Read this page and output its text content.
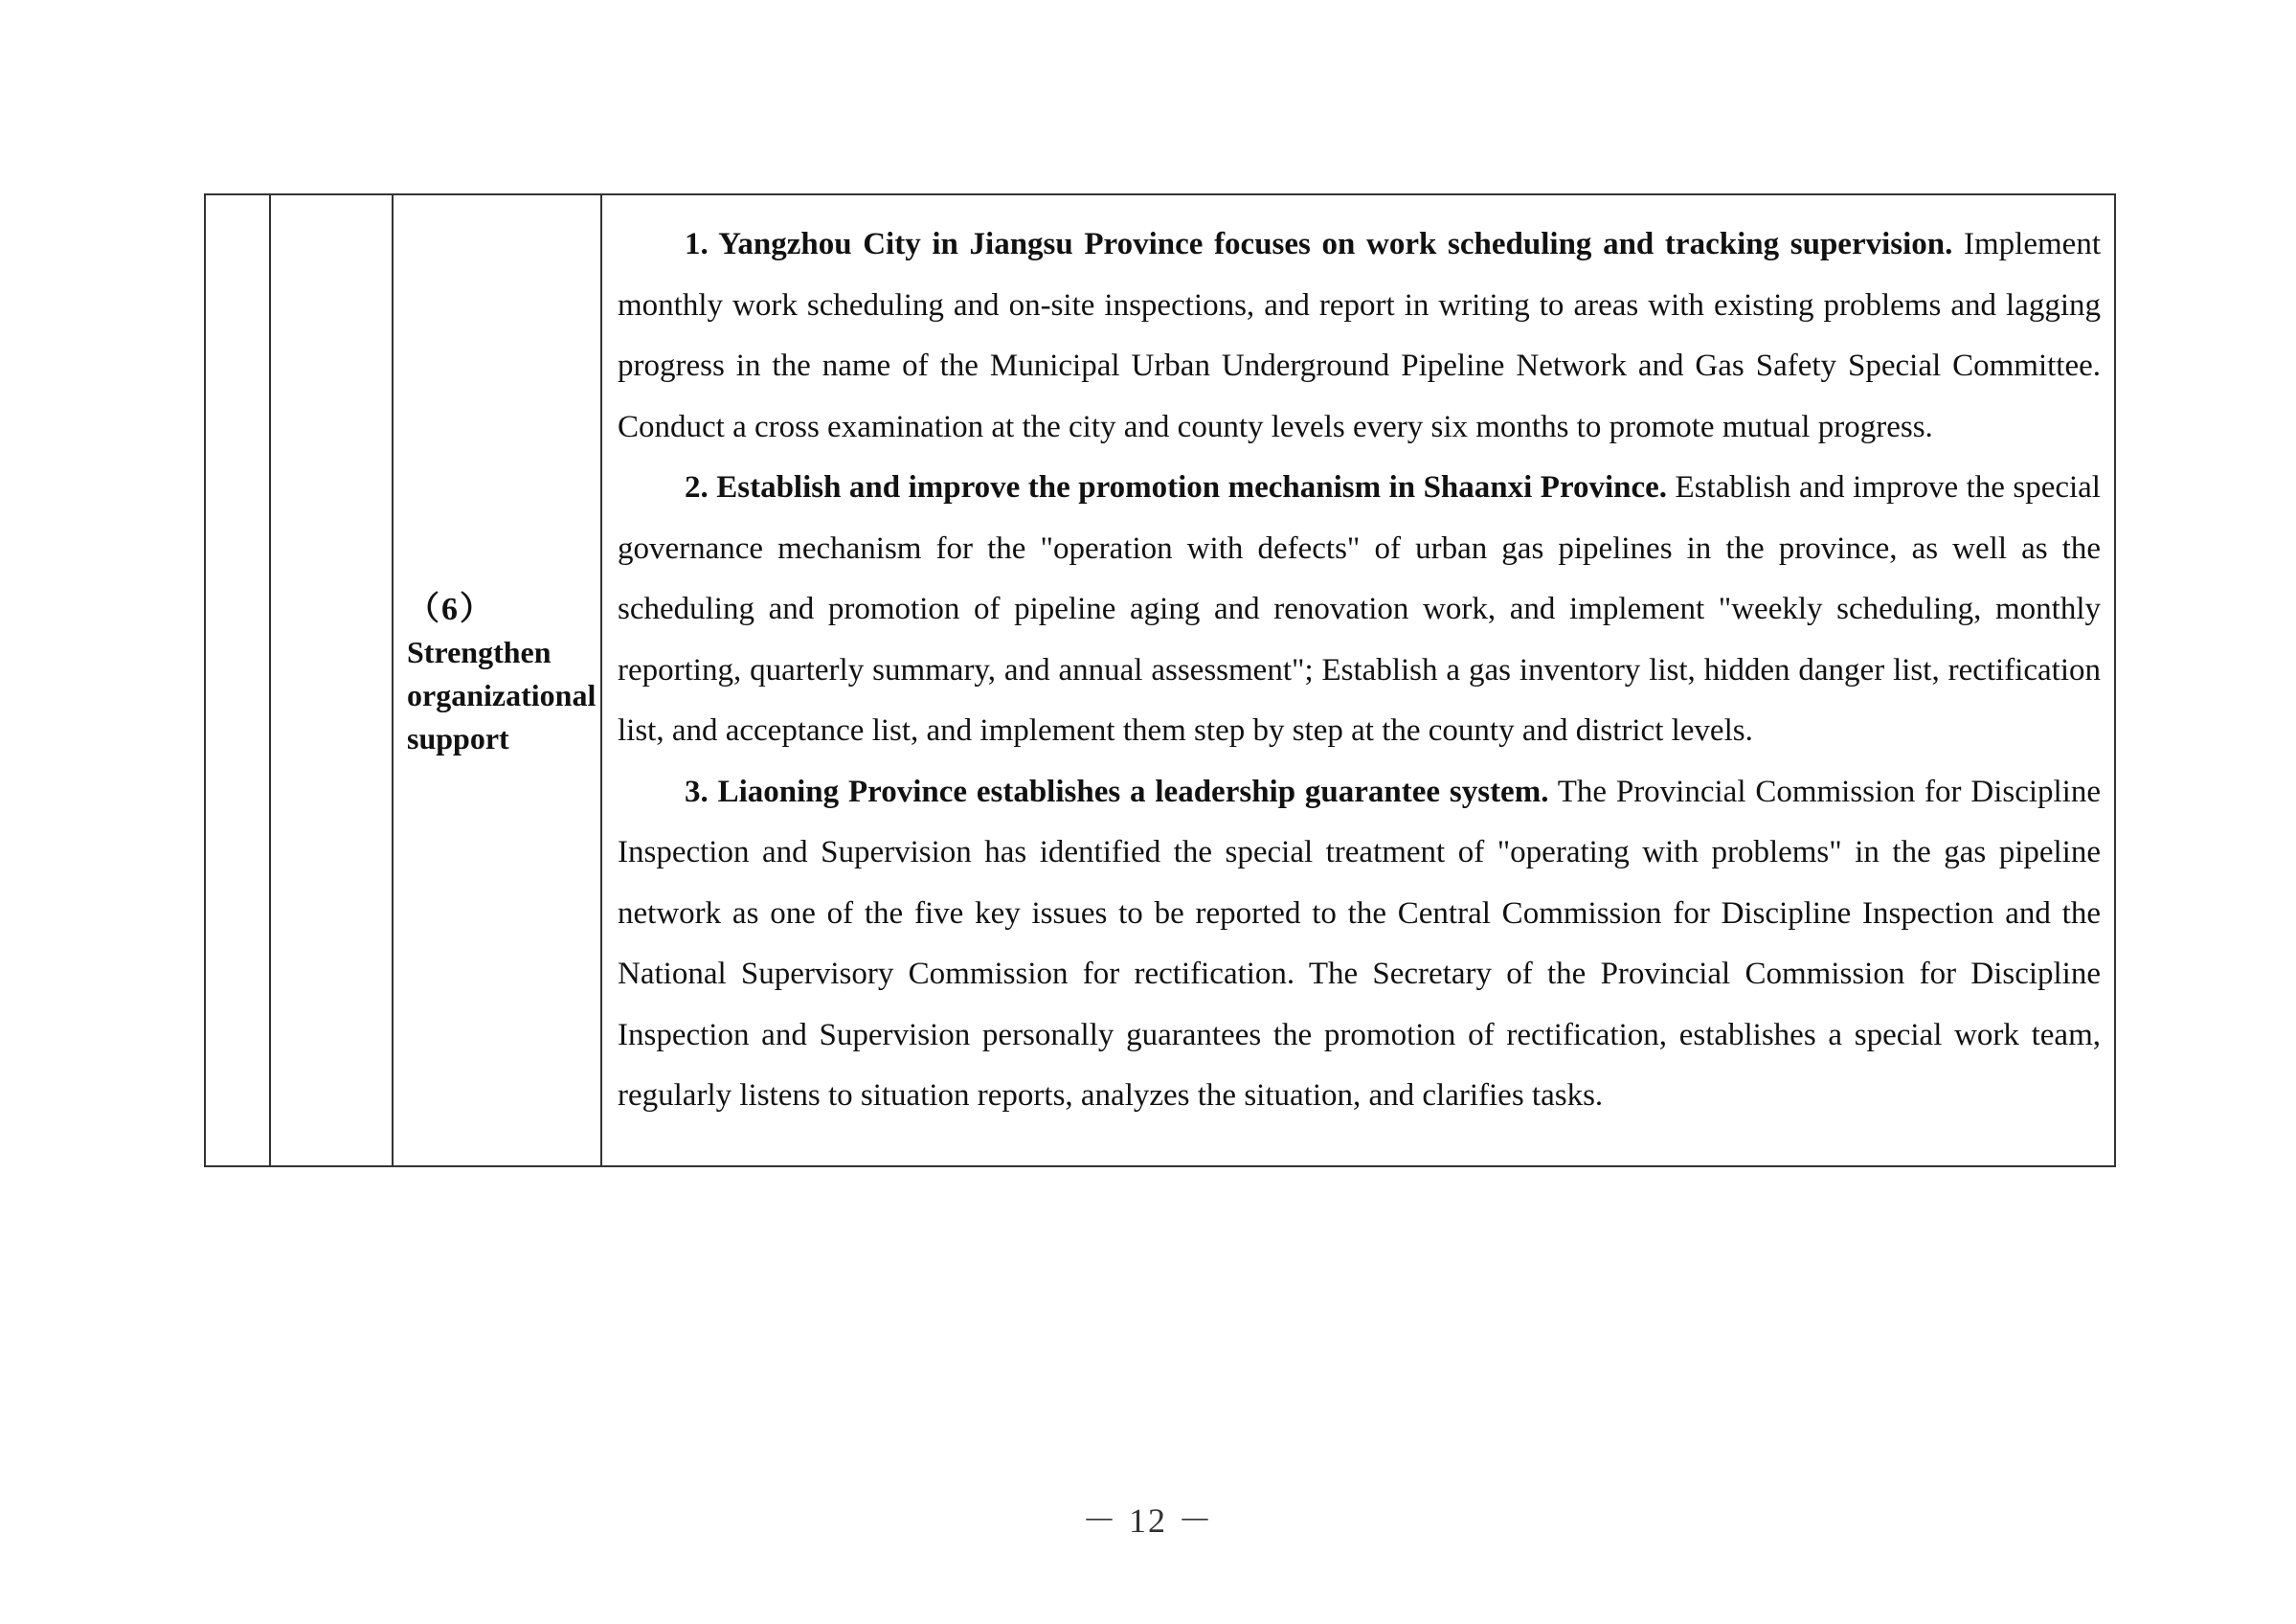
（6）
Strengthen organizational support

1. Yangzhou City in Jiangsu Province focuses on work scheduling and tracking supervision. Implement monthly work scheduling and on-site inspections, and report in writing to areas with existing problems and lagging progress in the name of the Municipal Urban Underground Pipeline Network and Gas Safety Special Committee. Conduct a cross examination at the city and county levels every six months to promote mutual progress.

2. Establish and improve the promotion mechanism in Shaanxi Province. Establish and improve the special governance mechanism for the "operation with defects" of urban gas pipelines in the province, as well as the scheduling and promotion of pipeline aging and renovation work, and implement "weekly scheduling, monthly reporting, quarterly summary, and annual assessment"; Establish a gas inventory list, hidden danger list, rectification list, and acceptance list, and implement them step by step at the county and district levels.

3. Liaoning Province establishes a leadership guarantee system. The Provincial Commission for Discipline Inspection and Supervision has identified the special treatment of "operating with problems" in the gas pipeline network as one of the five key issues to be reported to the Central Commission for Discipline Inspection and the National Supervisory Commission for rectification. The Secretary of the Provincial Commission for Discipline Inspection and Supervision personally guarantees the promotion of rectification, establishes a special work team, regularly listens to situation reports, analyzes the situation, and clarifies tasks.

－ 12 －
